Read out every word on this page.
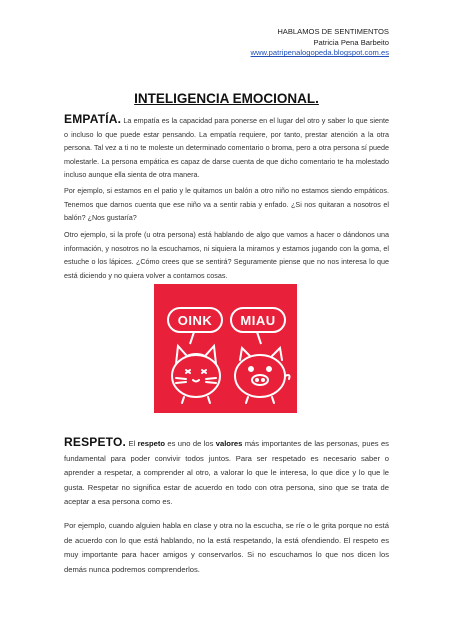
HABLAMOS DE SENTIMENTOS
Patricia Pena Barbeito
www.patripenalogopeda.blogspot.com.es
INTELIGENCIA EMOCIONAL.
EMPATÍA. La empatía es la capacidad para ponerse en el lugar del otro y saber lo que siente o incluso lo que puede estar pensando. La empatía requiere, por tanto, prestar atención a la otra persona. Tal vez a ti no te moleste un determinado comentario o broma, pero a otra persona sí puede molestarle. La persona empática es capaz de darse cuenta de que dicho comentario te ha molestado incluso aunque ella sienta de otra manera.
Por ejemplo, si estamos en el patio y le quitamos un balón a otro niño no estamos siendo empáticos. Tenemos que darnos cuenta que ese niño va a sentir rabia y enfado. ¿Si nos quitaran a nosotros el balón? ¿Nos gustaría?
Otro ejemplo, si la profe (u otra persona) está hablando de algo que vamos a hacer o dándonos una información, y nosotros no la escuchamos, ni siquiera la miramos y estamos jugando con la goma, el estuche o los lápices. ¿Cómo crees que se sentirá? Seguramente piense que no nos interesa lo que está diciendo y no quiera volver a contarnos cosas.
OINK MIAU
RESPETO. El respeto es uno de los valores más importantes de las personas, pues es fundamental para poder convivir todos juntos. Para ser respetado es necesario saber o aprender a respetar, a comprender al otro, a valorar lo que le interesa, lo que dice y lo que le gusta. Respetar no significa estar de acuerdo en todo con otra persona, sino que se trata de aceptar a esa persona como es.
Por ejemplo, cuando alguien habla en clase y otra no la escucha, se ríe o le grita porque no está de acuerdo con lo que está hablando, no la está respetando, la está ofendiendo. El respeto es muy importante para hacer amigos y conservarlos. Si no escuchamos lo que nos dicen los demás nunca podremos comprenderlos.
